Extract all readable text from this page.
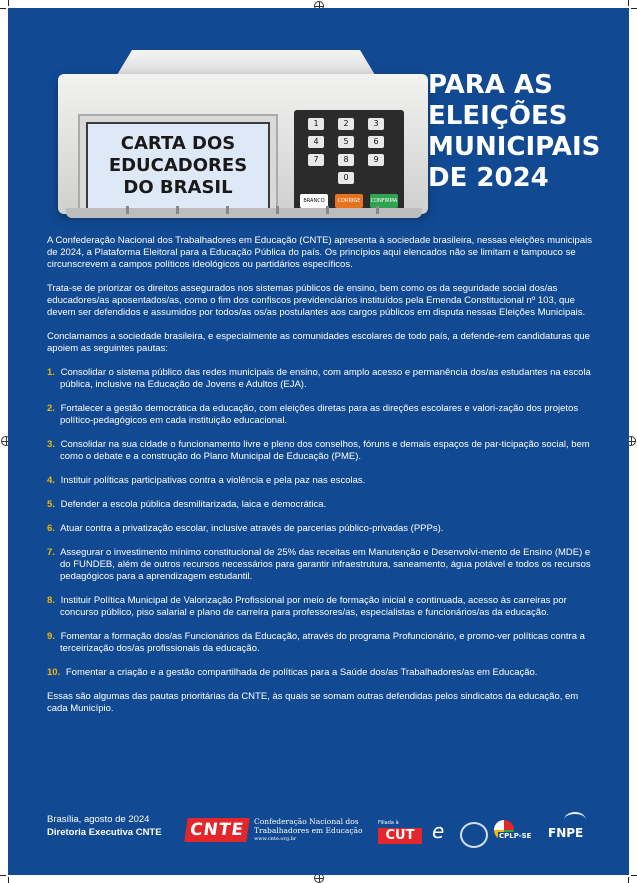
CARTA DOS EDUCADORES DO BRASIL
1	2	3
4	5	6
7	8	9
0
BRANCO	CORRIGE	CONFIRMA
PARA AS ELEIÇÕES MUNICIPAIS DE 2024

A Confederação Nacional dos Trabalhadores em Educação (CNTE) apresenta à sociedade brasileira, nessas eleições municipais de 2024, a Plataforma Eleitoral para a Educação Pública do país. Os princípios aqui elencados não se limitam e tampouco se circunscrevem a campos políticos ideológicos ou partidários específicos.

Trata-se de priorizar os direitos assegurados nos sistemas públicos de ensino, bem como os da seguridade social dos/as educadores/as aposentados/as, como o fim dos confiscos previdenciários instituídos pela Emenda Constitucional nº 103, que devem ser defendidos e assumidos por todos/as os/as postulantes aos cargos públicos em disputa nessas Eleições Municipais.

Conclamamos a sociedade brasileira, e especialmente as comunidades escolares de todo país, a defende-rem candidaturas que apoiem as seguintes pautas:

1. Consolidar o sistema público das redes municipais de ensino, com amplo acesso e permanência dos/as estudantes na escola pública, inclusive na Educação de Jovens e Adultos (EJA).
2. Fortalecer a gestão democrática da educação, com eleições diretas para as direções escolares e valori-zação dos projetos político-pedagógicos em cada instituição educacional.
3. Consolidar na sua cidade o funcionamento livre e pleno dos conselhos, fóruns e demais espaços de par-ticipação social, bem como o debate e a construção do Plano Municipal de Educação (PME).
4. Instituir políticas participativas contra a violência e pela paz nas escolas.
5. Defender a escola pública desmilitarizada, laica e democrática.
6. Atuar contra a privatização escolar, inclusive através de parcerias público-privadas (PPPs).
7. Assegurar o investimento mínimo constitucional de 25% das receitas em Manutenção e Desenvolvi-mento de Ensino (MDE) e do FUNDEB, além de outros recursos necessários para garantir infraestrutura, saneamento, água potável e todos os recursos pedagógicos para a aprendizagem estudantil.
8. Instituir Política Municipal de Valorização Profissional por meio de formação inicial e continuada, acesso às carreiras por concurso público, piso salarial e plano de carreira para professores/as, especialistas e funcionários/as da educação.
9. Fomentar a formação dos/as Funcionários da Educação, através do programa Profuncionário, e promo-ver políticas contra a terceirização dos/as profissionais da educação.
10. Fomentar a criação e a gestão compartilhada de políticas para a Saúde dos/as Trabalhadores/as em Educação.

Essas são algumas das pautas prioritárias da CNTE, às quais se somam outras defendidas pelos sindicatos da educação, em cada Município.

Brasília, agosto de 2024
Diretoria Executiva CNTE CNTE	Confederação Nacional dos
Trabalhadores em Educação
www.cnte.org.br
Filiada à
CUT e	CPLP-SE FNPE
